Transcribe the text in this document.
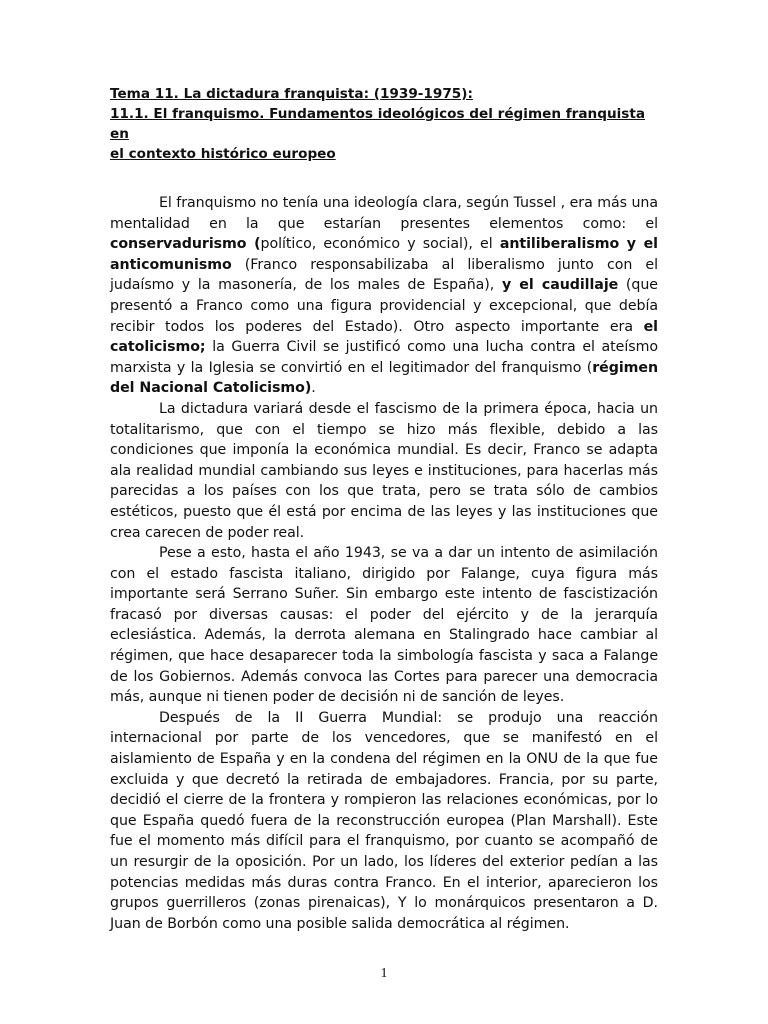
Tema 11. La dictadura franquista: (1939-1975):
11.1. El franquismo. Fundamentos ideológicos del régimen franquista en
el contexto histórico europeo

El franquismo no tenía una ideología clara, según Tussel , era más una mentalidad en la que estarían presentes elementos como: el conservadurismo (político, económico y social), el antiliberalismo y el anticomunismo (Franco responsabilizaba al liberalismo junto con el judaísmo y la masonería, de los males de España), y el caudillaje (que presentó a Franco como una figura providencial y excepcional, que debía recibir todos los poderes del Estado). Otro aspecto importante era el catolicismo; la Guerra Civil se justificó como una lucha contra el ateísmo marxista y la Iglesia se convirtió en el legitimador del franquismo (régimen del Nacional Catolicismo).

La dictadura variará desde el fascismo de la primera época, hacia un totalitarismo, que con el tiempo se hizo más flexible, debido a las condiciones que imponía la económica mundial. Es decir, Franco se adapta ala realidad mundial cambiando sus leyes e instituciones, para hacerlas más parecidas a los países con los que trata, pero se trata sólo de cambios estéticos, puesto que él está por encima de las leyes y las instituciones que crea carecen de poder real.

Pese a esto, hasta el año 1943, se va a dar un intento de asimilación con el estado fascista italiano, dirigido por Falange, cuya figura más importante será Serrano Suñer. Sin embargo este intento de fascistización fracasó por diversas causas: el poder del ejército y de la jerarquía eclesiástica. Además, la derrota alemana en Stalingrado hace cambiar al régimen, que hace desaparecer toda la simbología fascista y saca a Falange de los Gobiernos. Además convoca las Cortes para parecer una democracia más, aunque ni tienen poder de decisión ni de sanción de leyes.

Después de la II Guerra Mundial: se produjo una reacción internacional por parte de los vencedores, que se manifestó en el aislamiento de España y en la condena del régimen en la ONU de la que fue excluida y que decretó la retirada de embajadores. Francia, por su parte, decidió el cierre de la frontera y rompieron las relaciones económicas, por lo que España quedó fuera de la reconstrucción europea (Plan Marshall). Este fue el momento más difícil para el franquismo, por cuanto se acompañó de un resurgir de la oposición. Por un lado, los líderes del exterior pedían a las potencias medidas más duras contra Franco. En el interior, aparecieron los grupos guerrilleros (zonas pirenaicas), Y lo monárquicos presentaron a D. Juan de Borbón como una posible salida democrática al régimen.

1
